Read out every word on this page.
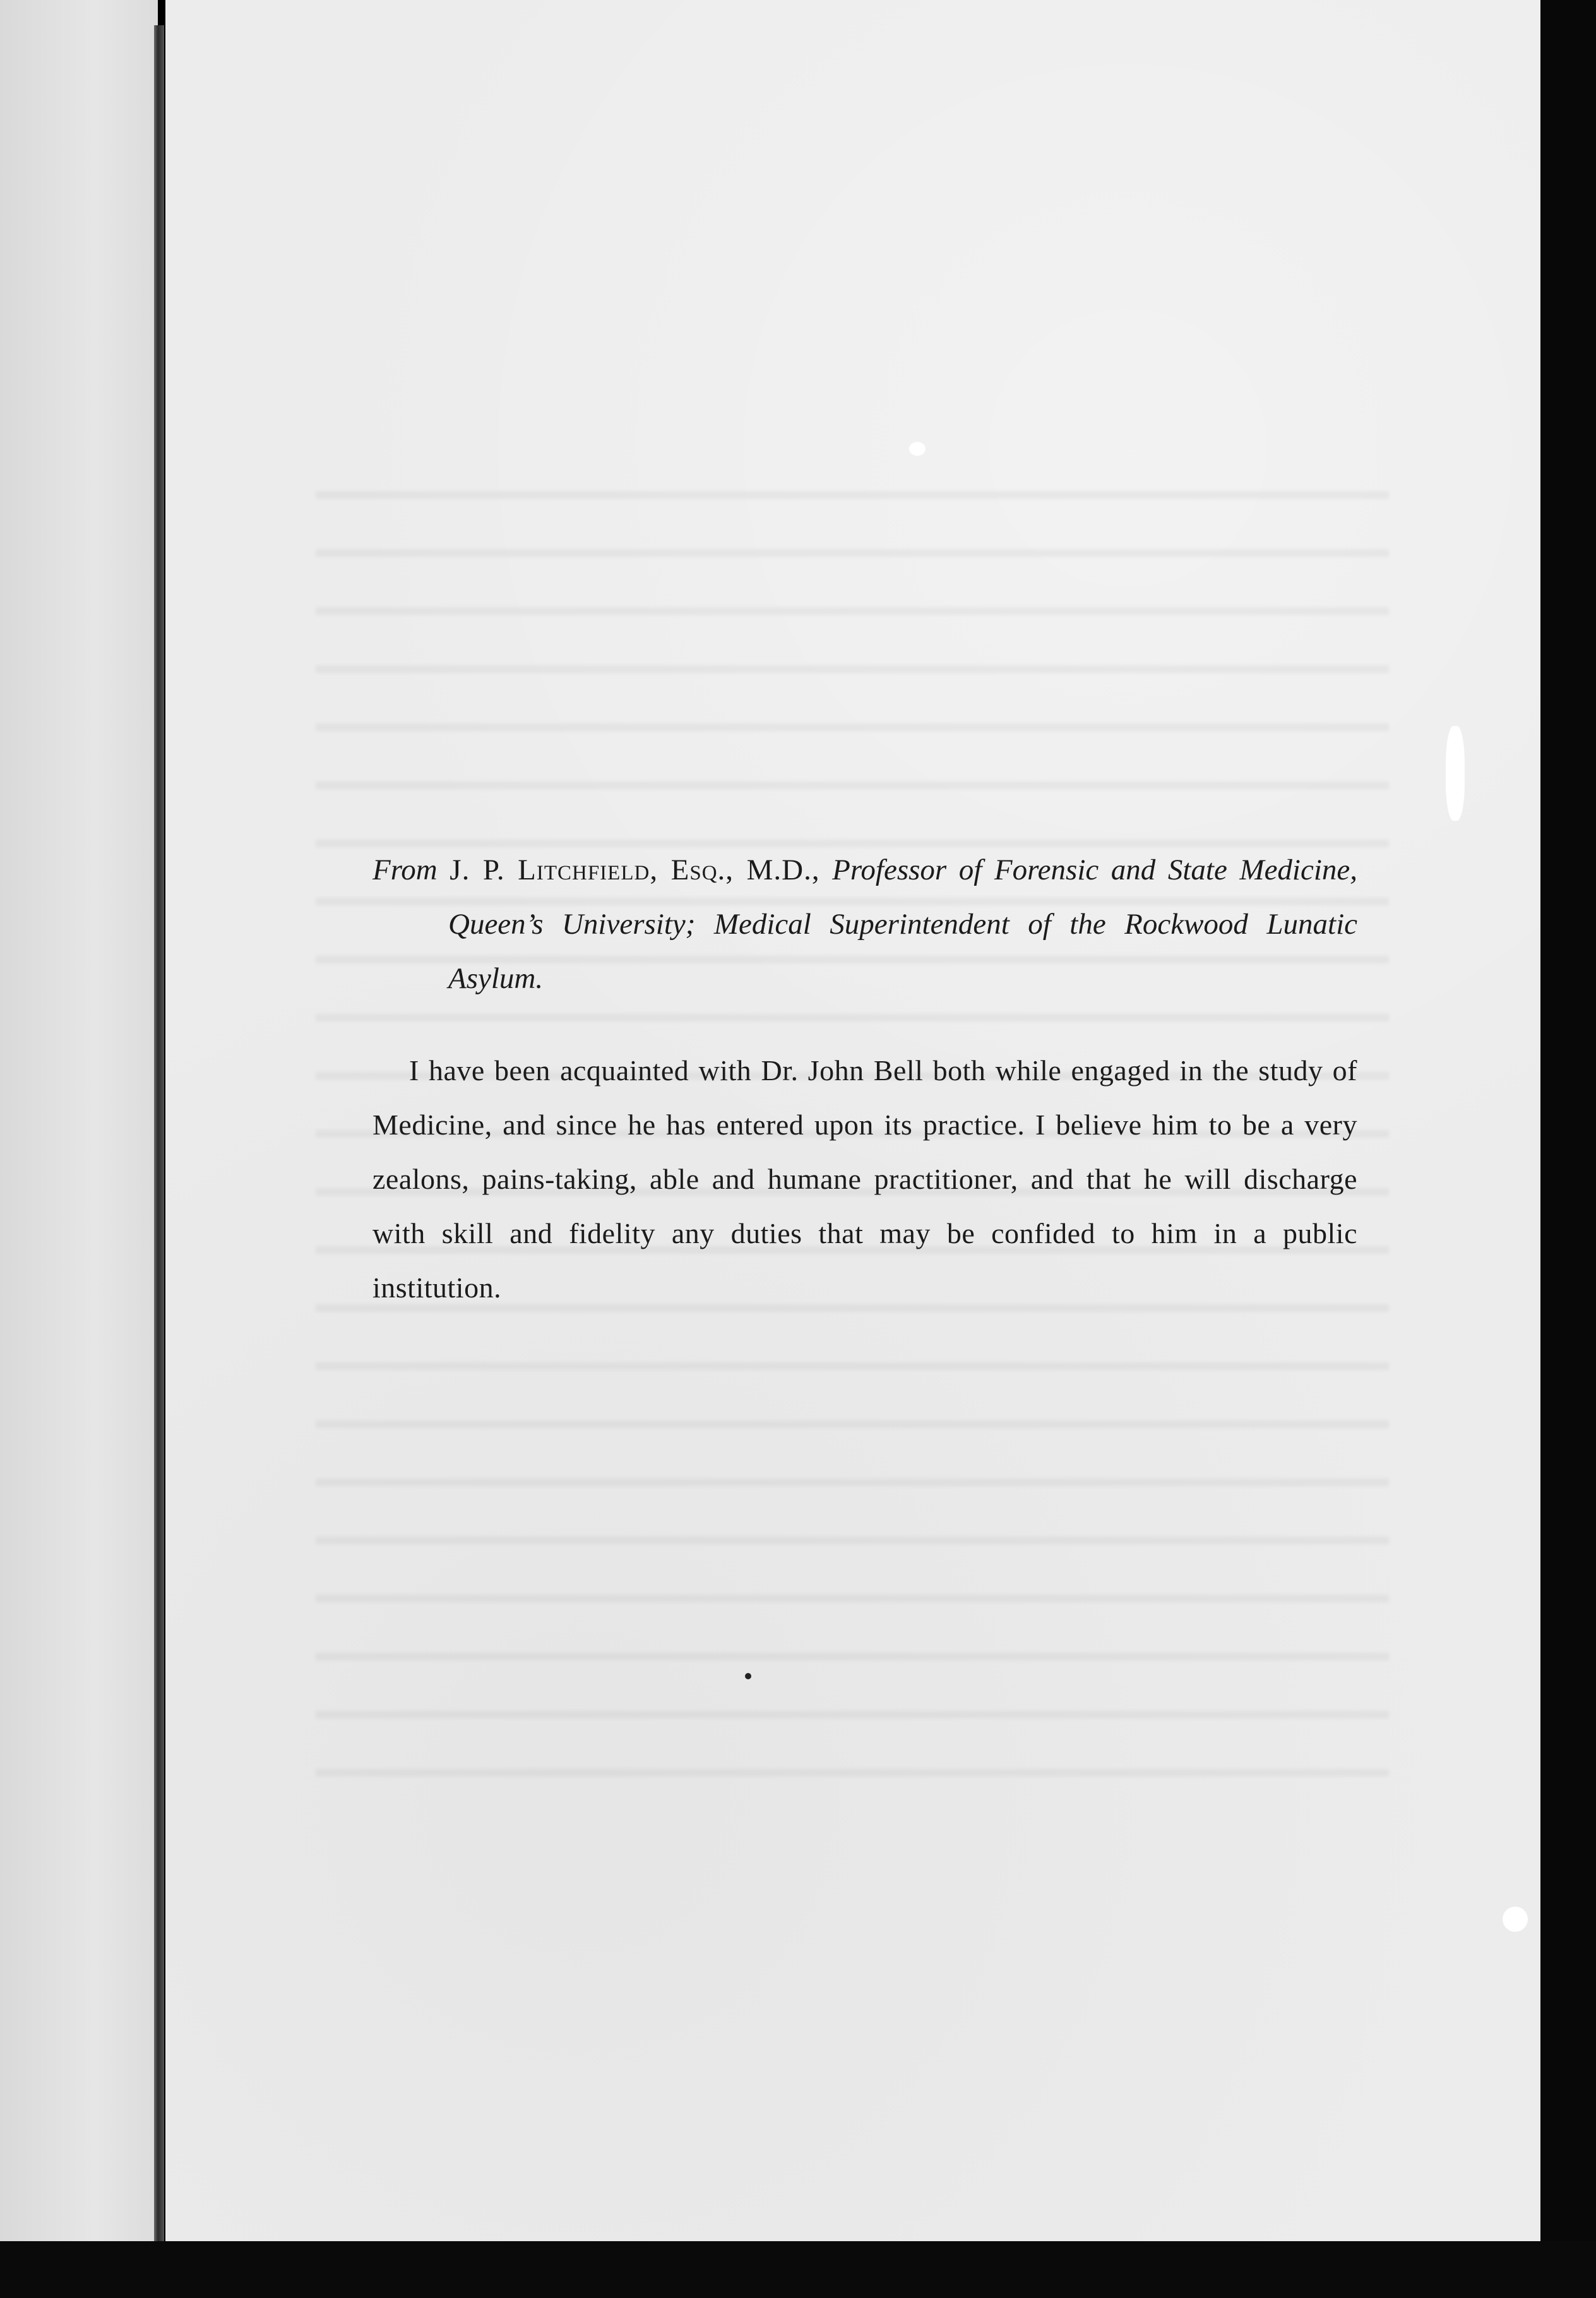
From J. P. Litchfield, Esq., M.D., Professor of Forensic and State Medicine, Queen’s University; Medical Superintendent of the Rockwood Lunatic Asylum.
I have been acquainted with Dr. John Bell both while engaged in the study of Medicine, and since he has entered upon its practice. I believe him to be a very zealons, pains-taking, able and humane practitioner, and that he will discharge with skill and fidelity any duties that may be confided to him in a public institution.
